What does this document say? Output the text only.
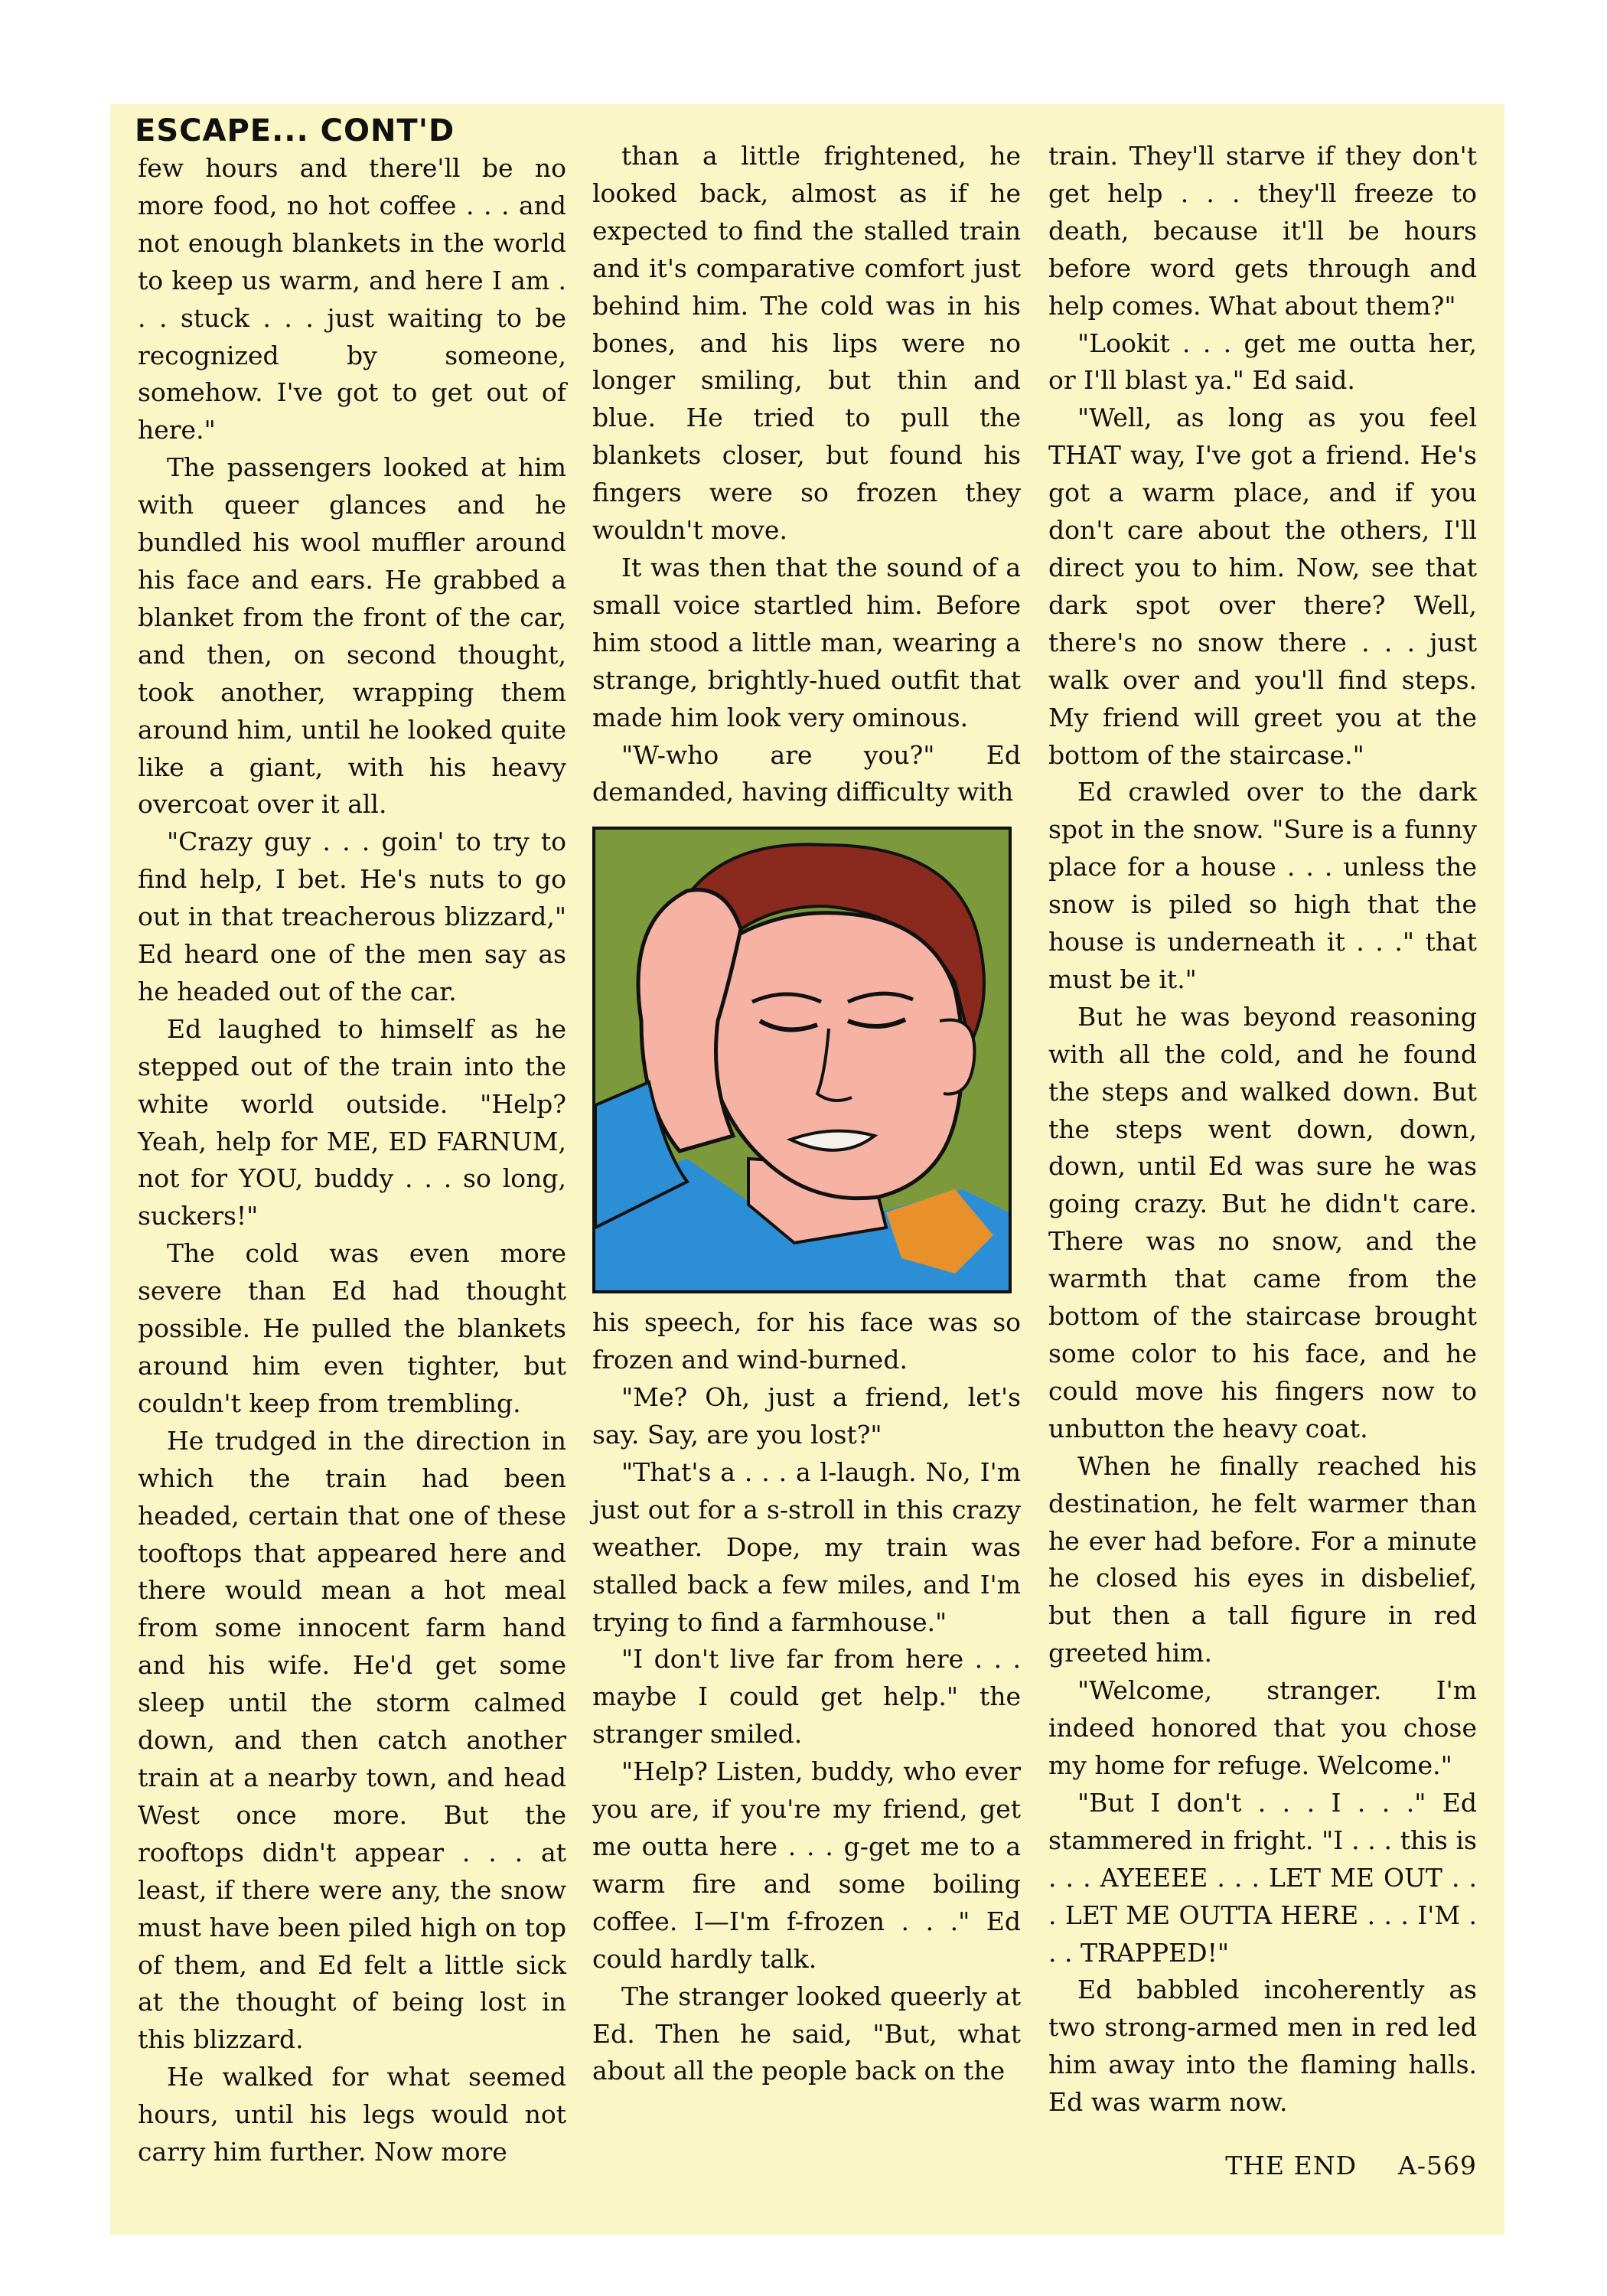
ESCAPE... CONT'D

few hours and there'll be no more food, no hot coffee . . . and not enough blankets in the world to keep us warm, and here I am . . . stuck . . . just waiting to be recognized by someone, somehow. I've got to get out of here."

The passengers looked at him with queer glances and he bundled his wool muffler around his face and ears. He grabbed a blanket from the front of the car, and then, on second thought, took another, wrapping them around him, until he looked quite like a giant, with his heavy overcoat over it all.

"Crazy guy . . . goin' to try to find help, I bet. He's nuts to go out in that treacherous blizzard," Ed heard one of the men say as he headed out of the car.

Ed laughed to himself as he stepped out of the train into the white world outside. "Help? Yeah, help for ME, ED FARNUM, not for YOU, buddy . . . so long, suckers!"

The cold was even more severe than Ed had thought possible. He pulled the blankets around him even tighter, but couldn't keep from trembling.

He trudged in the direction in which the train had been headed, certain that one of these tooftops that appeared here and there would mean a hot meal from some innocent farm hand and his wife. He'd get some sleep until the storm calmed down, and then catch another train at a nearby town, and head West once more. But the rooftops didn't appear . . . at least, if there were any, the snow must have been piled high on top of them, and Ed felt a little sick at the thought of being lost in this blizzard.

He walked for what seemed hours, until his legs would not carry him further. Now more

than a little frightened, he looked back, almost as if he expected to find the stalled train and it's comparative comfort just behind him. The cold was in his bones, and his lips were no longer smiling, but thin and blue. He tried to pull the blankets closer, but found his fingers were so frozen they wouldn't move.

It was then that the sound of a small voice startled him. Before him stood a little man, wearing a strange, brightly-hued outfit that made him look very ominous.

"W-who are you?" Ed demanded, having difficulty with

his speech, for his face was so frozen and wind-burned.

"Me? Oh, just a friend, let's say. Say, are you lost?"

"That's a . . . a l-laugh. No, I'm just out for a s-stroll in this crazy weather. Dope, my train was stalled back a few miles, and I'm trying to find a farmhouse."

"I don't live far from here . . . maybe I could get help." the stranger smiled.

"Help? Listen, buddy, who ever you are, if you're my friend, get me outta here . . . g-get me to a warm fire and some boiling coffee. I—I'm f-frozen . . ." Ed could hardly talk.

The stranger looked queerly at Ed. Then he said, "But, what about all the people back on the

train. They'll starve if they don't get help . . . they'll freeze to death, because it'll be hours before word gets through and help comes. What about them?"

"Lookit . . . get me outta her, or I'll blast ya." Ed said.

"Well, as long as you feel THAT way, I've got a friend. He's got a warm place, and if you don't care about the others, I'll direct you to him. Now, see that dark spot over there? Well, there's no snow there . . . just walk over and you'll find steps. My friend will greet you at the bottom of the staircase."

Ed crawled over to the dark spot in the snow. "Sure is a funny place for a house . . . unless the snow is piled so high that the house is underneath it . . ." that must be it."

But he was beyond reasoning with all the cold, and he found the steps and walked down. But the steps went down, down, down, until Ed was sure he was going crazy. But he didn't care. There was no snow, and the warmth that came from the bottom of the staircase brought some color to his face, and he could move his fingers now to unbutton the heavy coat.

When he finally reached his destination, he felt warmer than he ever had before. For a minute he closed his eyes in disbelief, but then a tall figure in red greeted him.

"Welcome, stranger. I'm indeed honored that you chose my home for refuge. Welcome."

"But I don't . . . I . . ." Ed stammered in fright. "I . . . this is . . . AYEEEE . . . LET ME OUT . . . LET ME OUTTA HERE . . . I'M . . . TRAPPED!"

Ed babbled incoherently as two strong-armed men in red led him away into the flaming halls. Ed was warm now.

THE END A-569
